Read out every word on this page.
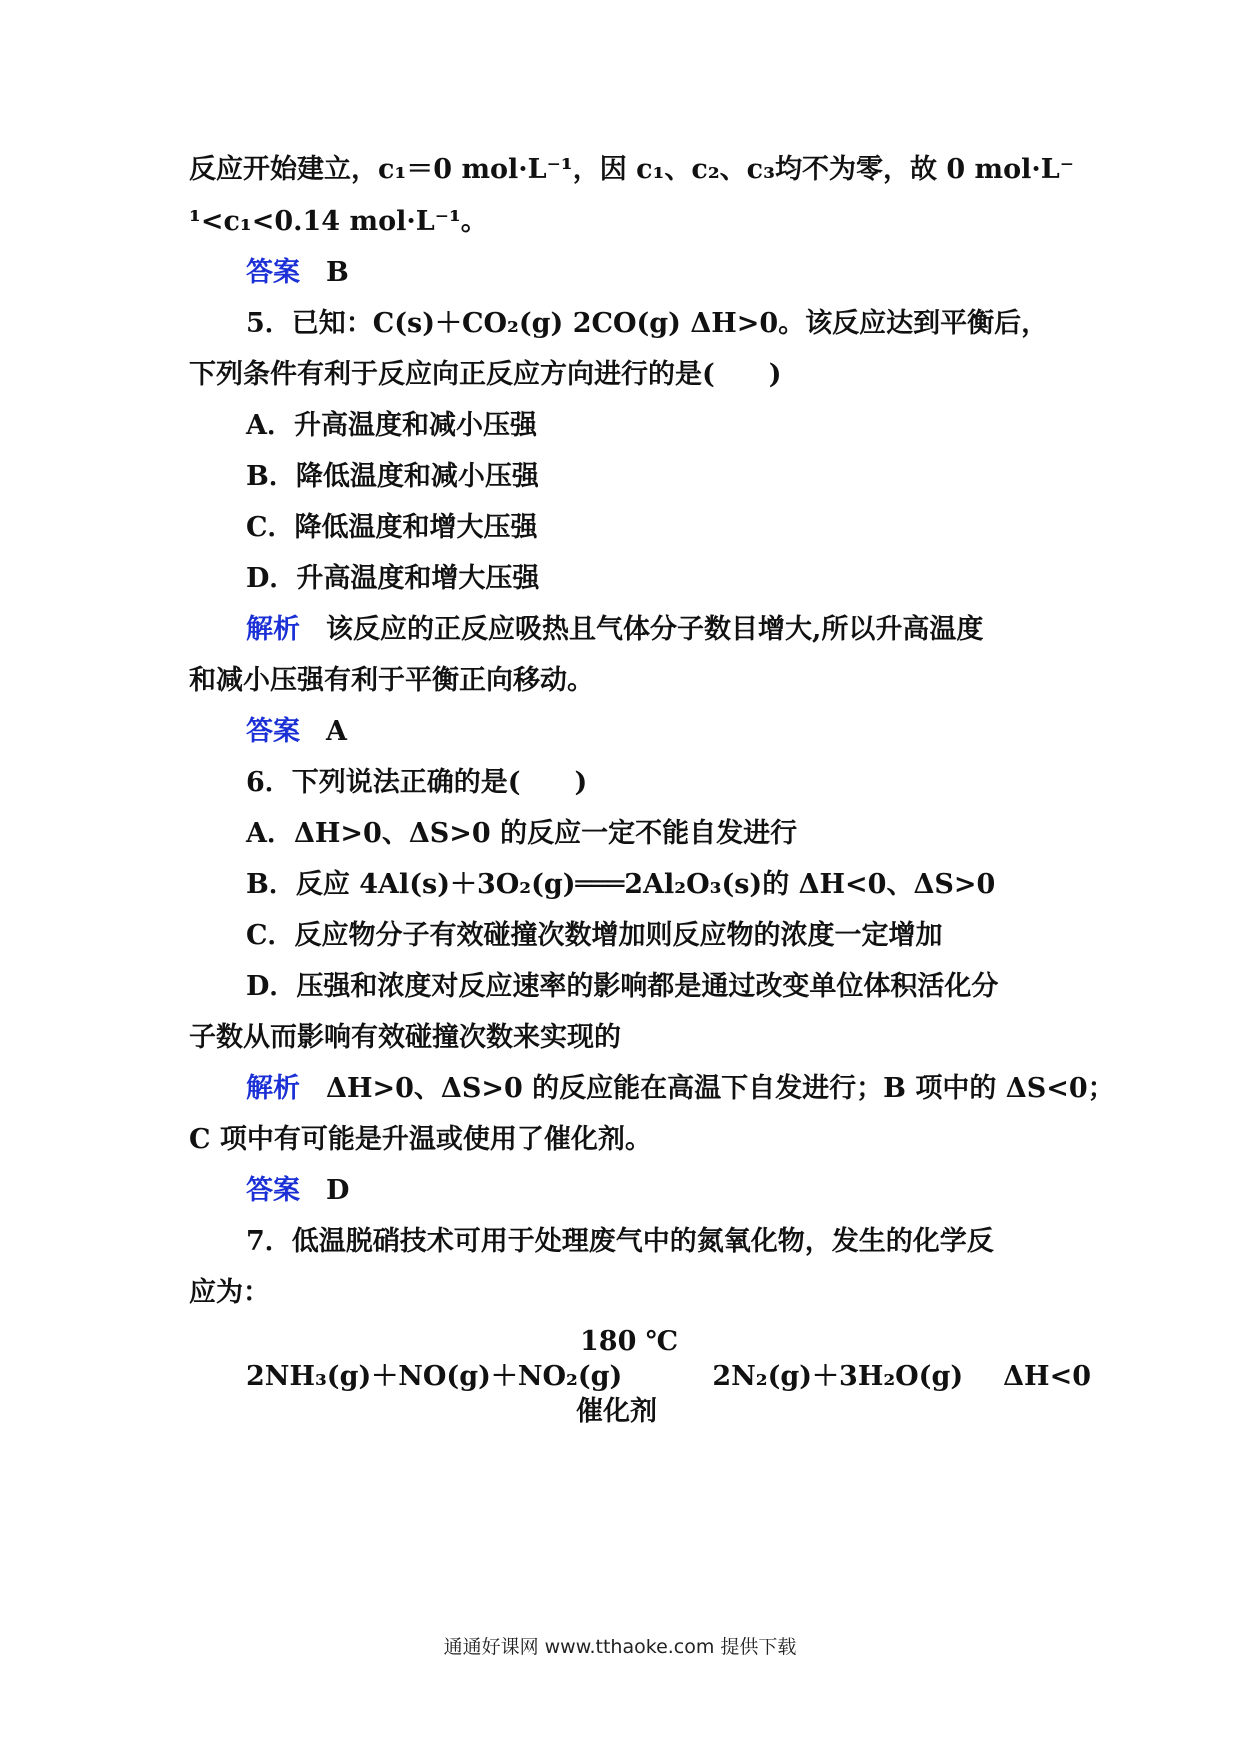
反应开始建立，c₁＝0 mol·L⁻¹，因 c₁、c₂、c₃均不为零，故 0 mol·L⁻
¹<c₁<0.14 mol·L⁻¹。
答案 B
5．已知：C(s)＋CO₂(g) 2CO(g) ΔH>0。该反应达到平衡后，
下列条件有利于反应向正反应方向进行的是(　　)
A．升高温度和减小压强
B．降低温度和减小压强
C．降低温度和增大压强
D．升高温度和增大压强
解析 该反应的正反应吸热且气体分子数目增大,所以升高温度
和减小压强有利于平衡正向移动。
答案 A
6．下列说法正确的是(　　)
A．ΔH>0、ΔS>0 的反应一定不能自发进行
B．反应 4Al(s)＋3O₂(g)═══2Al₂O₃(s)的 ΔH<0、ΔS>0
C．反应物分子有效碰撞次数增加则反应物的浓度一定增加
D．压强和浓度对反应速率的影响都是通过改变单位体积活化分
子数从而影响有效碰撞次数来实现的
解析 ΔH>0、ΔS>0 的反应能在高温下自发进行；B 项中的 ΔS<0；
C 项中有可能是升温或使用了催化剂。
答案 D
7．低温脱硝技术可用于处理废气中的氮氧化物，发生的化学反
应为：
180 ℃
2NH₃(g)＋NO(g)＋NO₂(g)	2N₂(g)＋3H₂O(g) ΔH<0
催化剂
通通好课网 www.tthaoke.com 提供下载
